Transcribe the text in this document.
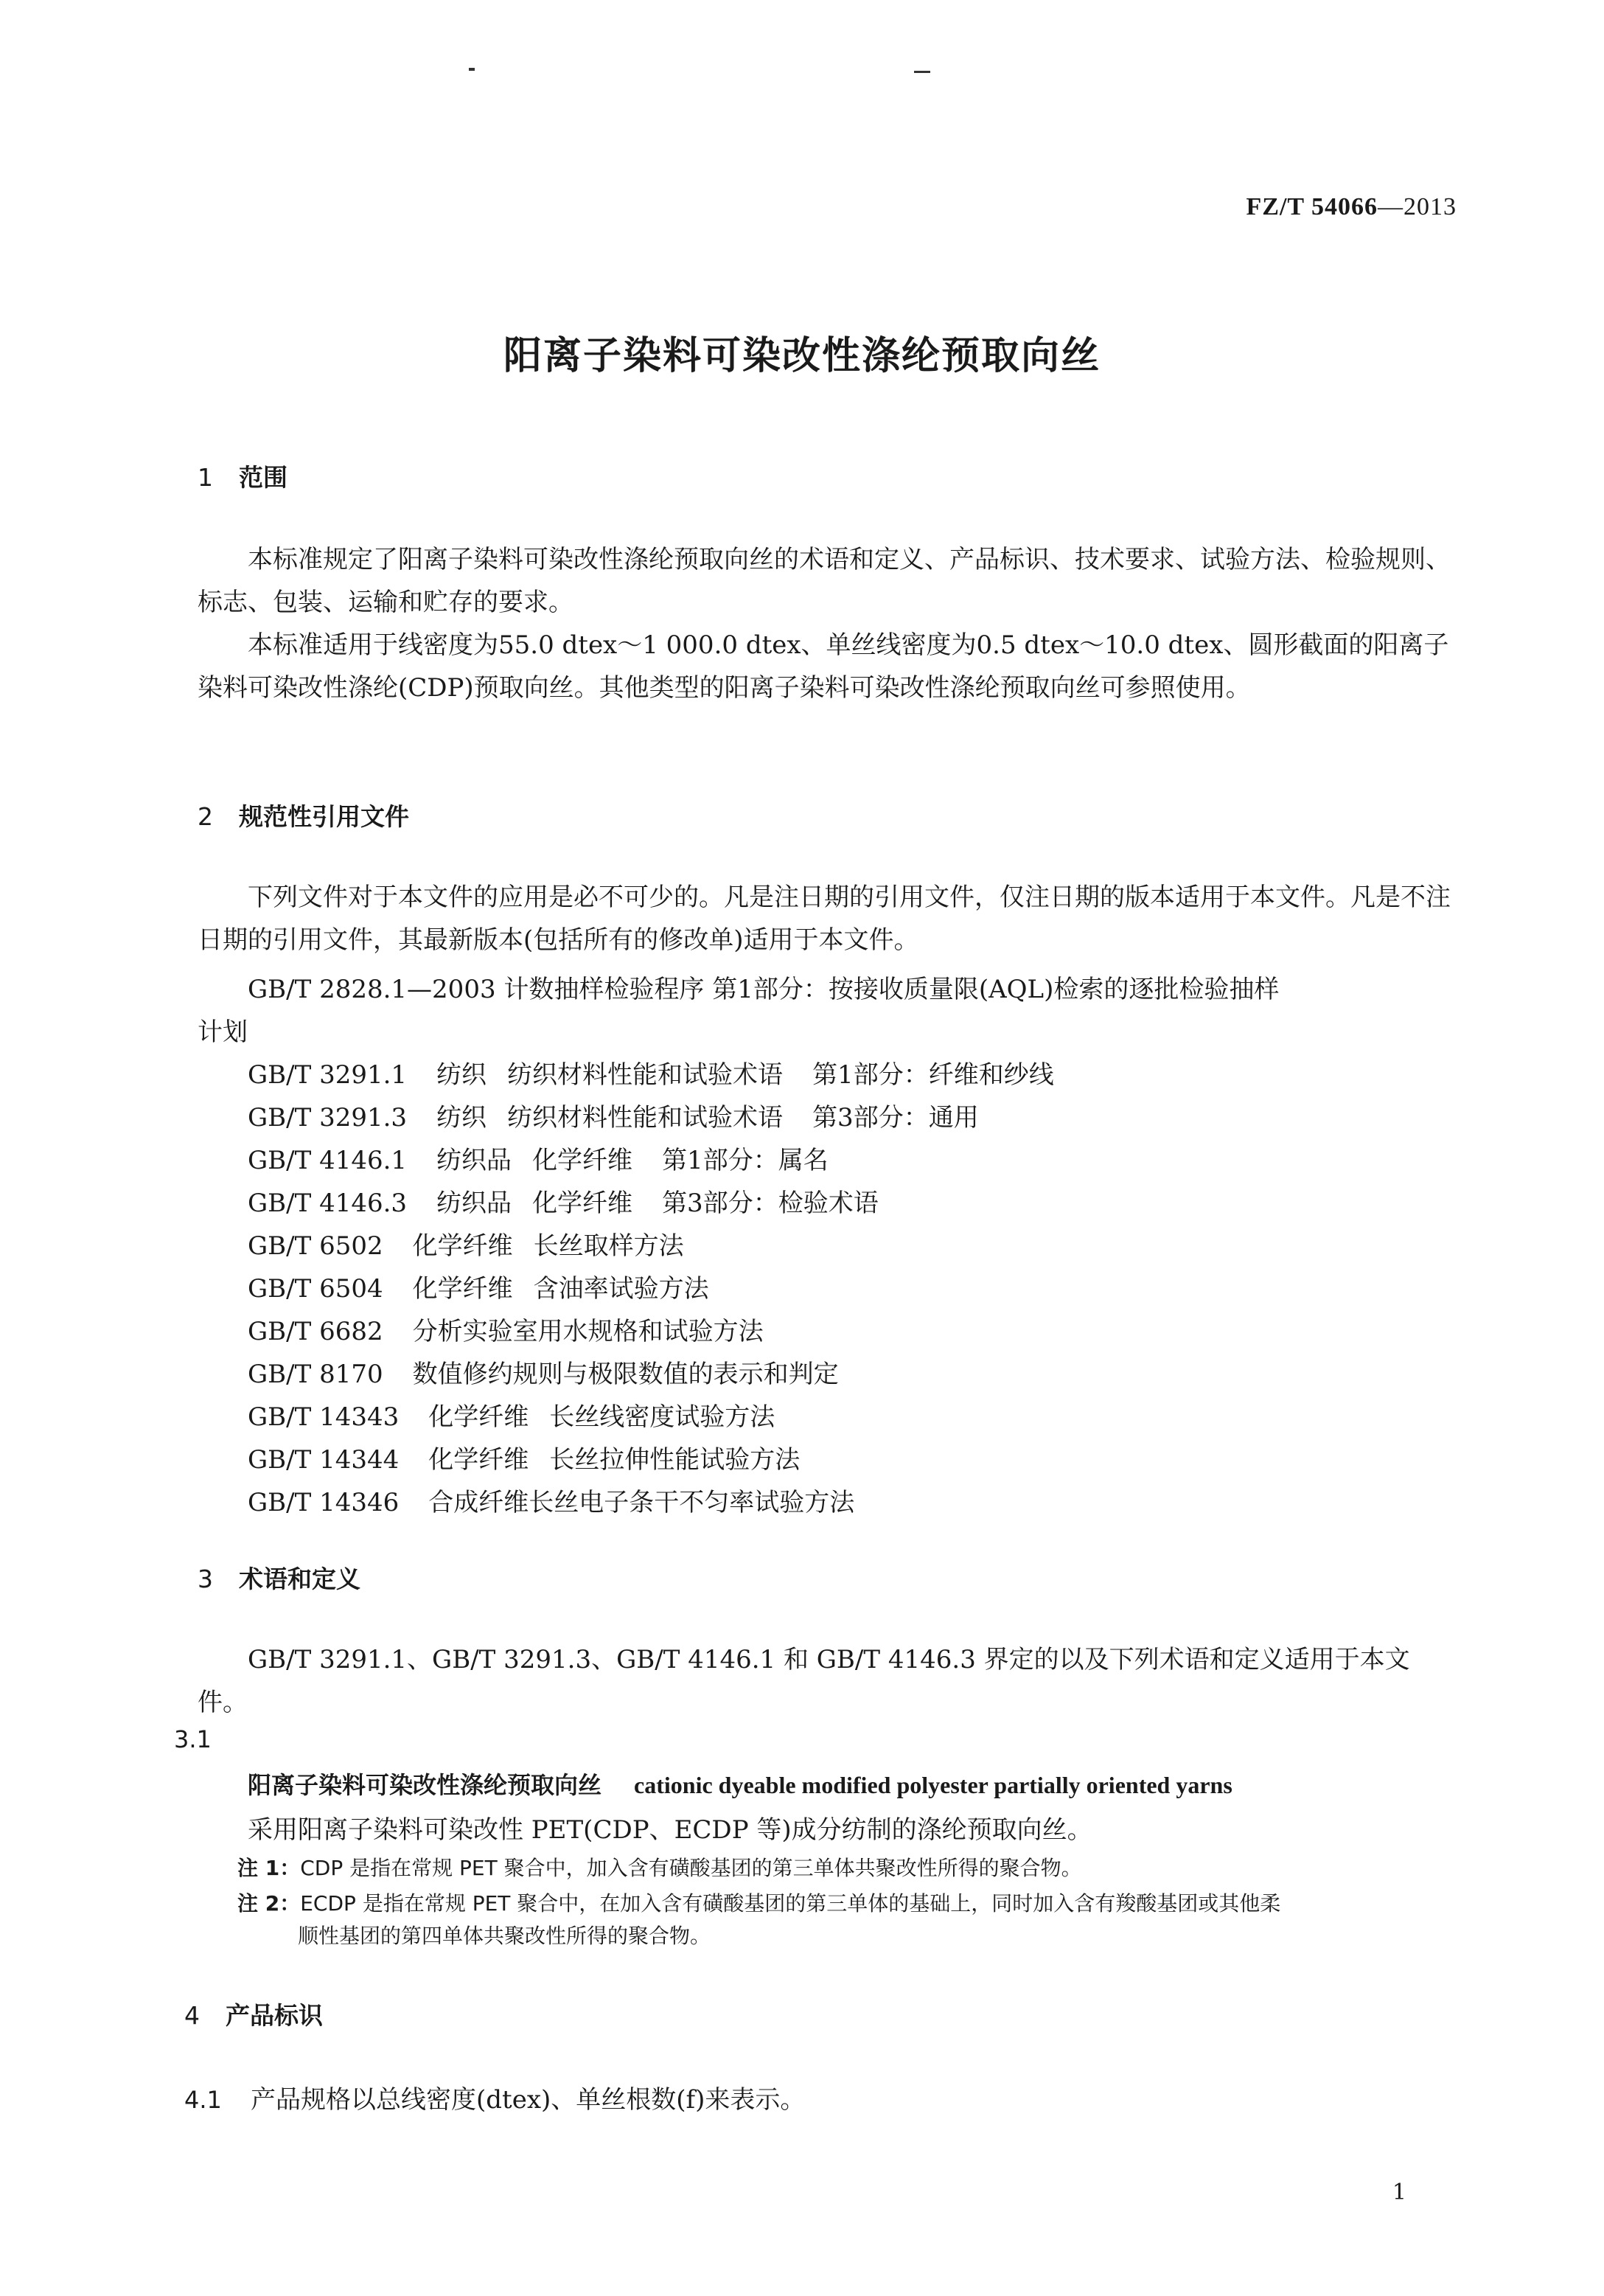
FZ/T 54066—2013
阳离子染料可染改性涤纶预取向丝
1 范围
本标准规定了阳离子染料可染改性涤纶预取向丝的术语和定义、产品标识、技术要求、试验方法、检验规则、标志、包装、运输和贮存的要求。
本标准适用于线密度为55.0 dtex～1 000.0 dtex、单丝线密度为0.5 dtex～10.0 dtex、圆形截面的阳离子染料可染改性涤纶(CDP)预取向丝。其他类型的阳离子染料可染改性涤纶预取向丝可参照使用。
2 规范性引用文件
下列文件对于本文件的应用是必不可少的。凡是注日期的引用文件，仅注日期的版本适用于本文件。凡是不注日期的引用文件，其最新版本(包括所有的修改单)适用于本文件。
GB/T 2828.1—2003 计数抽样检验程序 第1部分：按接收质量限(AQL)检索的逐批检验抽样
计划
GB/T 3291.1 纺织 纺织材料性能和试验术语 第1部分：纤维和纱线
GB/T 3291.3 纺织 纺织材料性能和试验术语 第3部分：通用
GB/T 4146.1 纺织品 化学纤维 第1部分：属名
GB/T 4146.3 纺织品 化学纤维 第3部分：检验术语
GB/T 6502 化学纤维 长丝取样方法
GB/T 6504 化学纤维 含油率试验方法
GB/T 6682 分析实验室用水规格和试验方法
GB/T 8170 数值修约规则与极限数值的表示和判定
GB/T 14343 化学纤维 长丝线密度试验方法
GB/T 14344 化学纤维 长丝拉伸性能试验方法
GB/T 14346 合成纤维长丝电子条干不匀率试验方法
3 术语和定义
GB/T 3291.1、GB/T 3291.3、GB/T 4146.1 和 GB/T 4146.3 界定的以及下列术语和定义适用于本文件。
3.1
阳离子染料可染改性涤纶预取向丝 cationic dyeable modified polyester partially oriented yarns
采用阳离子染料可染改性 PET(CDP、ECDP 等)成分纺制的涤纶预取向丝。
注 1：CDP 是指在常规 PET 聚合中，加入含有磺酸基团的第三单体共聚改性所得的聚合物。
注 2：ECDP 是指在常规 PET 聚合中，在加入含有磺酸基团的第三单体的基础上，同时加入含有羧酸基团或其他柔
顺性基团的第四单体共聚改性所得的聚合物。
4 产品标识
4.1 产品规格以总线密度(dtex)、单丝根数(f)来表示。
1
